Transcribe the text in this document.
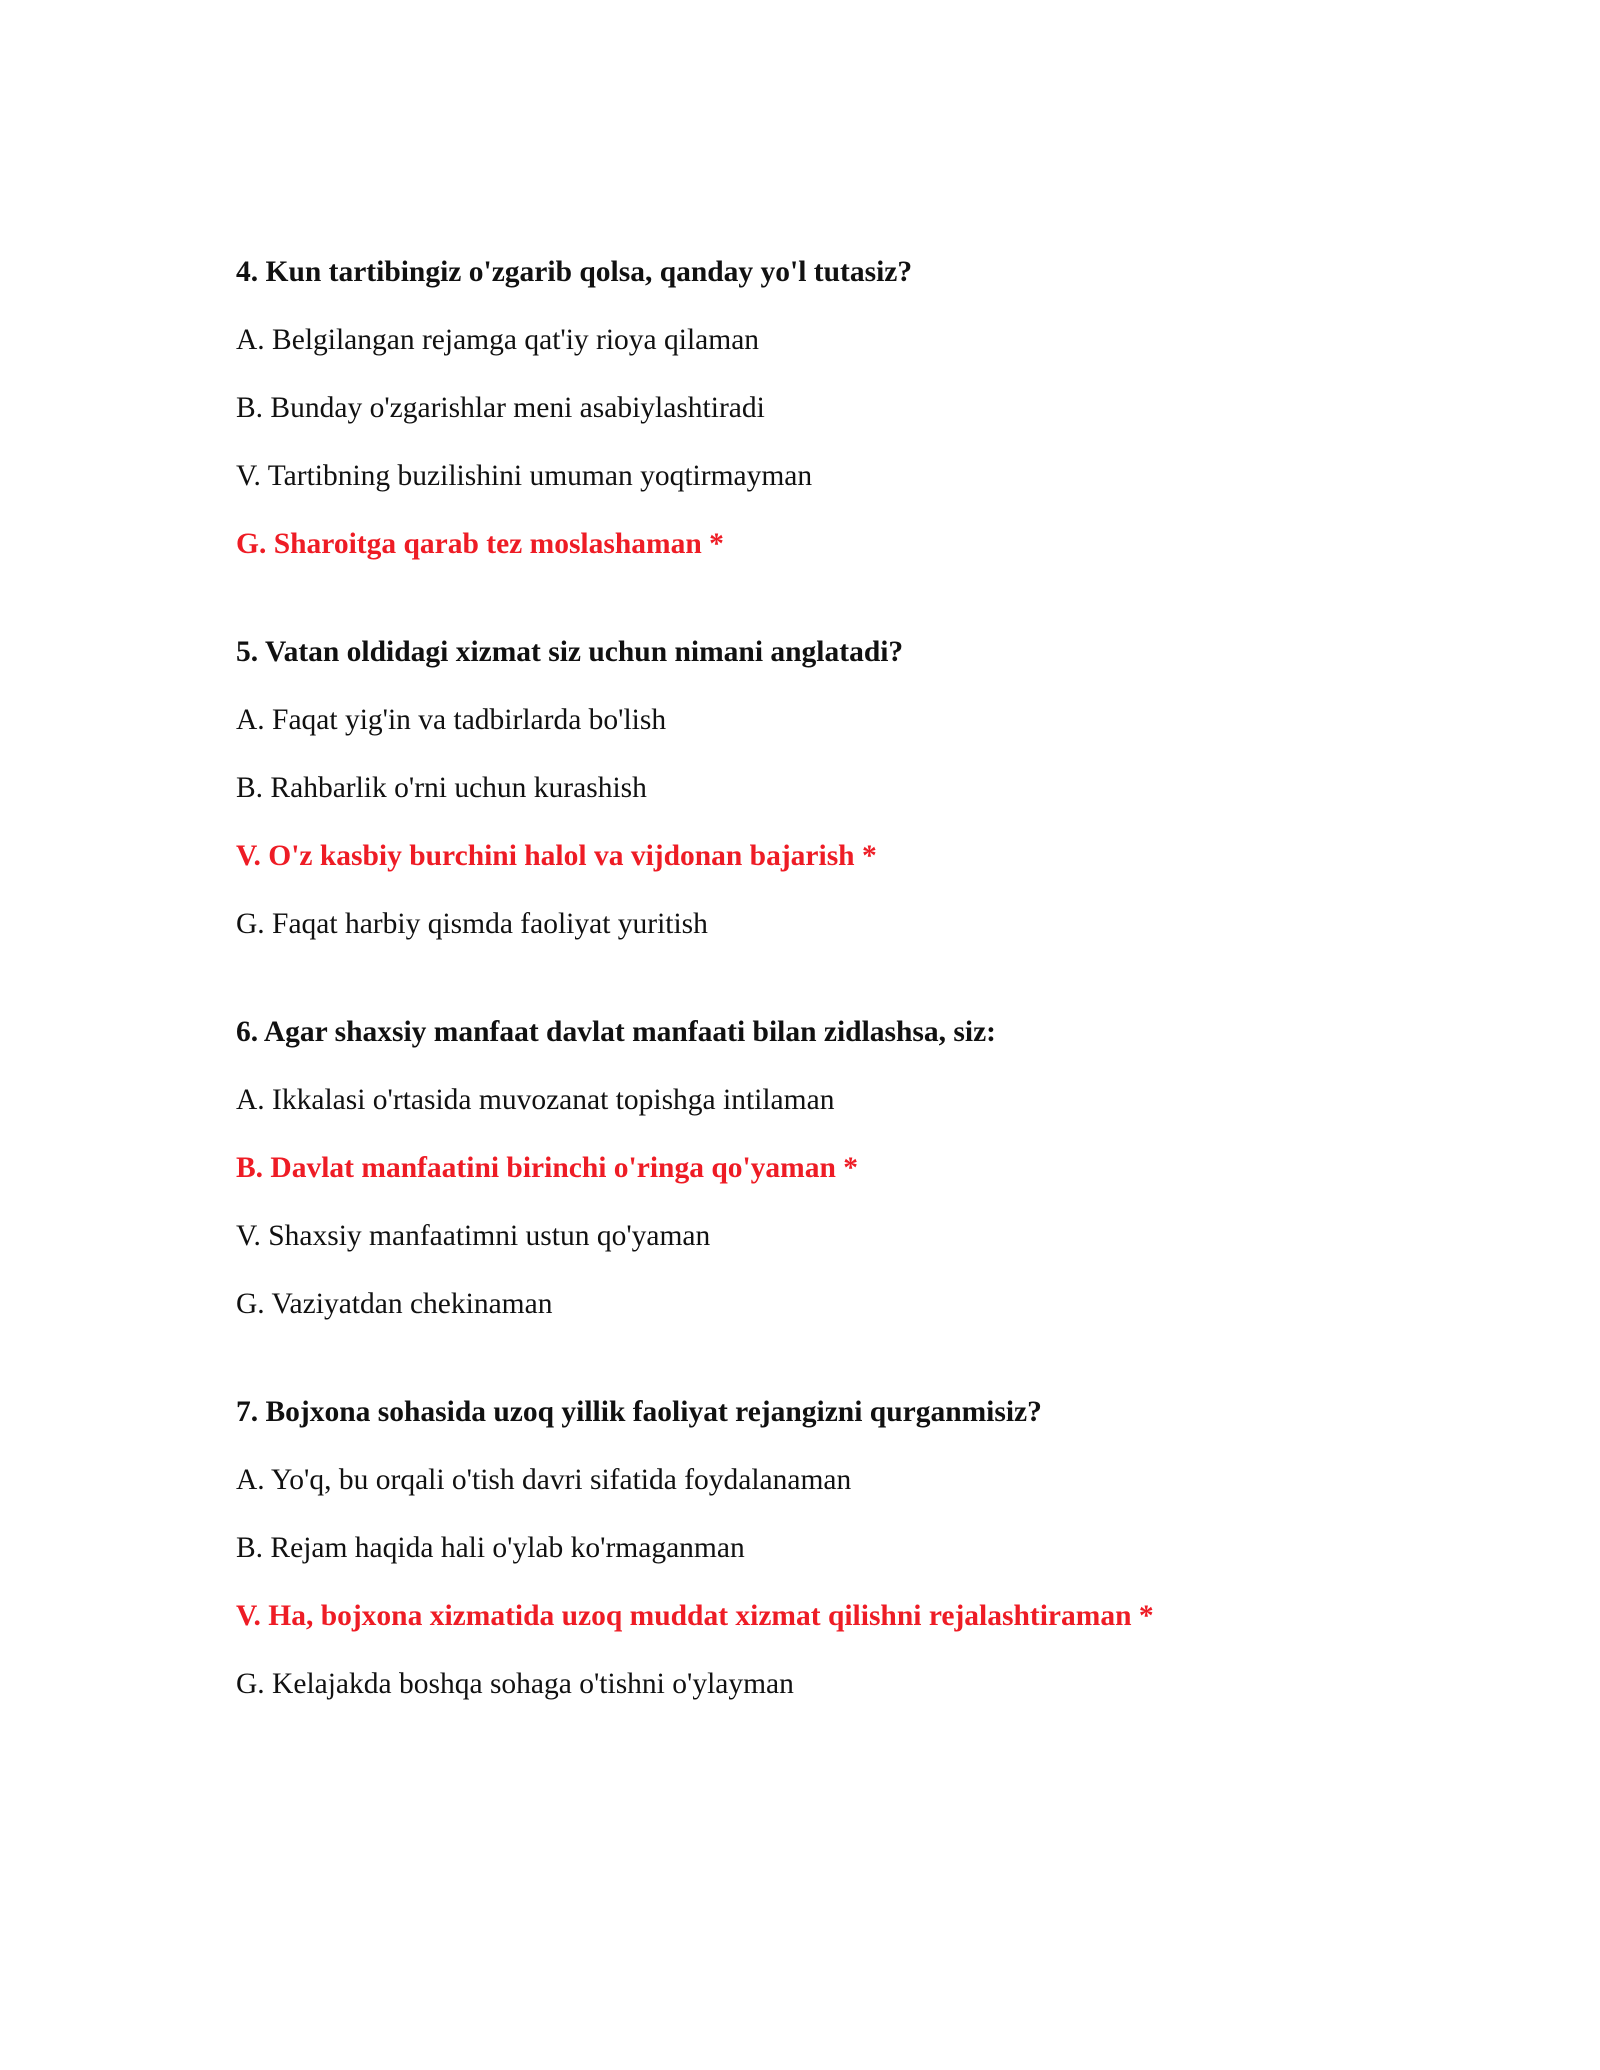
4. Kun tartibingiz o'zgarib qolsa, qanday yo'l tutasiz?
A. Belgilangan rejamga qat'iy rioya qilaman
B. Bunday o'zgarishlar meni asabiylashtiradi
V. Tartibning buzilishini umuman yoqtirmayman
G. Sharoitga qarab tez moslashaman *
5. Vatan oldidagi xizmat siz uchun nimani anglatadi?
A. Faqat yig'in va tadbirlarda bo'lish
B. Rahbarlik o'rni uchun kurashish
V. O'z kasbiy burchini halol va vijdonan bajarish *
G. Faqat harbiy qismda faoliyat yuritish
6. Agar shaxsiy manfaat davlat manfaati bilan zidlashsa, siz:
A. Ikkalasi o'rtasida muvozanat topishga intilaman
B. Davlat manfaatini birinchi o'ringa qo'yaman *
V. Shaxsiy manfaatimni ustun qo'yaman
G. Vaziyatdan chekinaman
7. Bojxona sohasida uzoq yillik faoliyat rejangizni qurganmisiz?
A. Yo'q, bu orqali o'tish davri sifatida foydalanaman
B. Rejam haqida hali o'ylab ko'rmaganman
V. Ha, bojxona xizmatida uzoq muddat xizmat qilishni rejalashtiraman *
G. Kelajakda boshqa sohaga o'tishni o'ylayman
